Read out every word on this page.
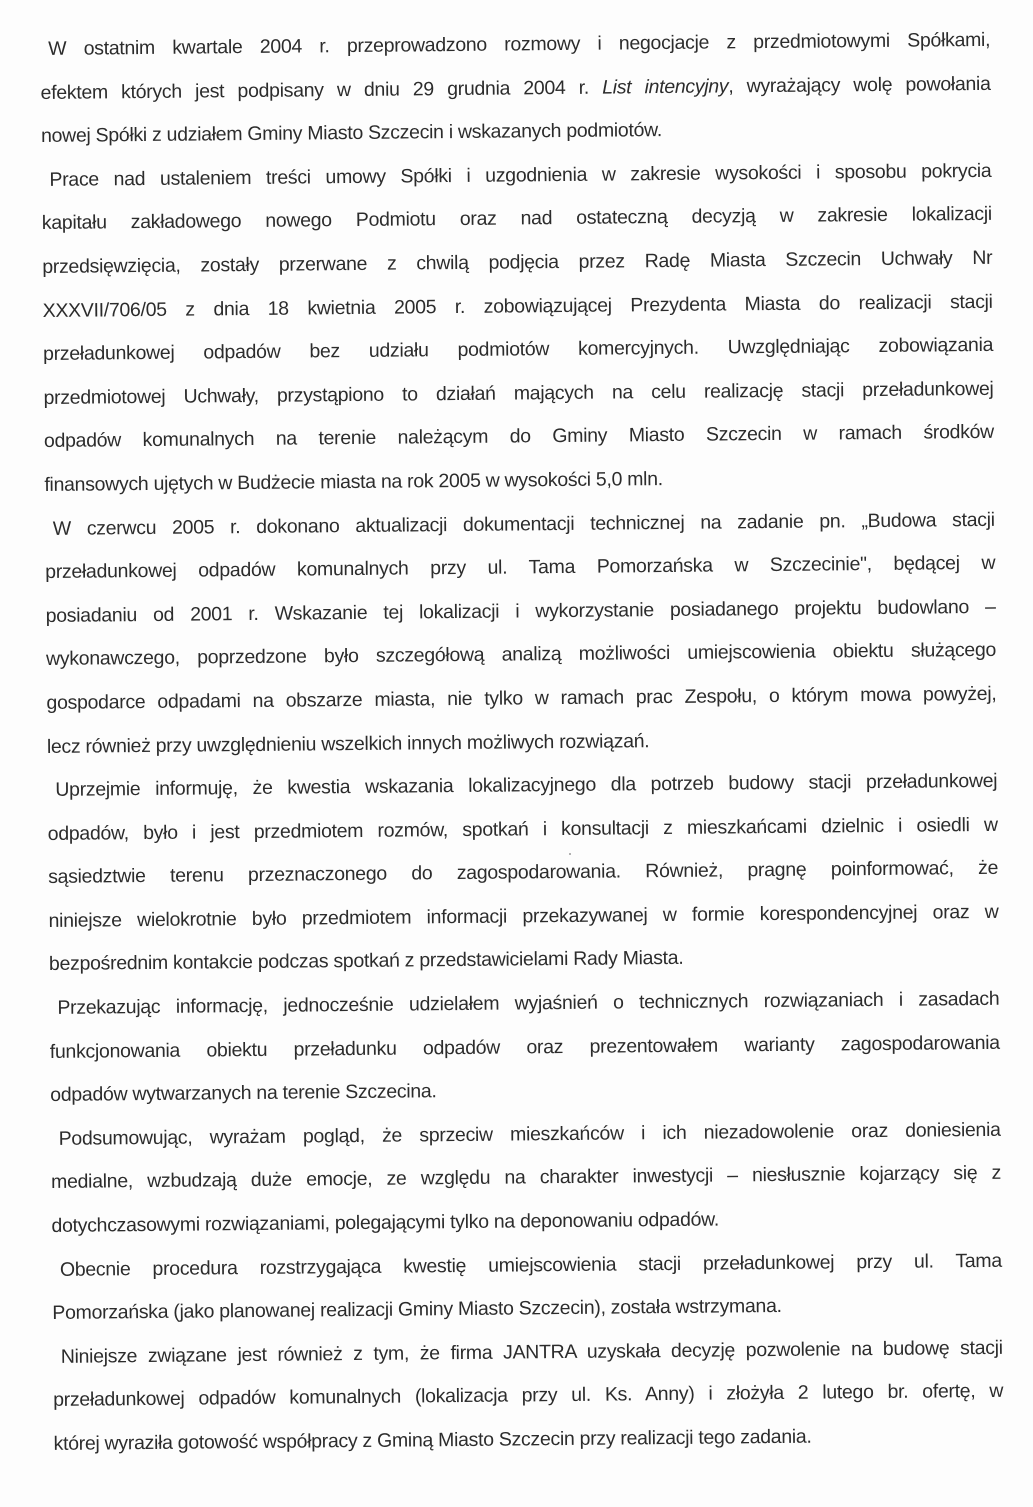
W ostatnim kwartale 2004 r. przeprowadzono rozmowy i negocjacje z przedmiotowymi Spółkami,
efektem których jest podpisany w dniu 29 grudnia 2004 r. List intencyjny, wyrażający wolę powołania
nowej Spółki z udziałem Gminy Miasto Szczecin i wskazanych podmiotów.
Prace nad ustaleniem treści umowy Spółki i uzgodnienia w zakresie wysokości i sposobu pokrycia
kapitału zakładowego nowego Podmiotu oraz nad ostateczną decyzją w zakresie lokalizacji
przedsięwzięcia, zostały przerwane z chwilą podjęcia przez Radę Miasta Szczecin Uchwały Nr
XXXVII/706/05 z dnia 18 kwietnia 2005 r. zobowiązującej Prezydenta Miasta do realizacji stacji
przeładunkowej odpadów bez udziału podmiotów komercyjnych. Uwzględniając zobowiązania
przedmiotowej Uchwały, przystąpiono to działań mających na celu realizację stacji przeładunkowej
odpadów komunalnych na terenie należącym do Gminy Miasto Szczecin w ramach środków
finansowych ujętych w Budżecie miasta na rok 2005 w wysokości 5,0 mln.
W czerwcu 2005 r. dokonano aktualizacji dokumentacji technicznej na zadanie pn. „Budowa stacji
przeładunkowej odpadów komunalnych przy ul. Tama Pomorzańska w Szczecinie", będącej w
posiadaniu od 2001 r. Wskazanie tej lokalizacji i wykorzystanie posiadanego projektu budowlano –
wykonawczego, poprzedzone było szczegółową analizą możliwości umiejscowienia obiektu służącego
gospodarce odpadami na obszarze miasta, nie tylko w ramach prac Zespołu, o którym mowa powyżej,
lecz również przy uwzględnieniu wszelkich innych możliwych rozwiązań.
Uprzejmie informuję, że kwestia wskazania lokalizacyjnego dla potrzeb budowy stacji przeładunkowej
odpadów, było i jest przedmiotem rozmów, spotkań i konsultacji z mieszkańcami dzielnic i osiedli w
sąsiedztwie terenu przeznaczonego do zagospodarowania. Również, pragnę poinformować, że
niniejsze wielokrotnie było przedmiotem informacji przekazywanej w formie korespondencyjnej oraz w
bezpośrednim kontakcie podczas spotkań z przedstawicielami Rady Miasta.
Przekazując informację, jednocześnie udzielałem wyjaśnień o technicznych rozwiązaniach i zasadach
funkcjonowania obiektu przeładunku odpadów oraz prezentowałem warianty zagospodarowania
odpadów wytwarzanych na terenie Szczecina.
Podsumowując, wyrażam pogląd, że sprzeciw mieszkańców i ich niezadowolenie oraz doniesienia
medialne, wzbudzają duże emocje, ze względu na charakter inwestycji – niesłusznie kojarzący się z
dotychczasowymi rozwiązaniami, polegającymi tylko na deponowaniu odpadów.
Obecnie procedura rozstrzygająca kwestię umiejscowienia stacji przeładunkowej przy ul. Tama
Pomorzańska (jako planowanej realizacji Gminy Miasto Szczecin), została wstrzymana.
Niniejsze związane jest również z tym, że firma JANTRA uzyskała decyzję pozwolenie na budowę stacji
przeładunkowej odpadów komunalnych (lokalizacja przy ul. Ks. Anny) i złożyła 2 lutego br. ofertę, w
której wyraziła gotowość współpracy z Gminą Miasto Szczecin przy realizacji tego zadania.
